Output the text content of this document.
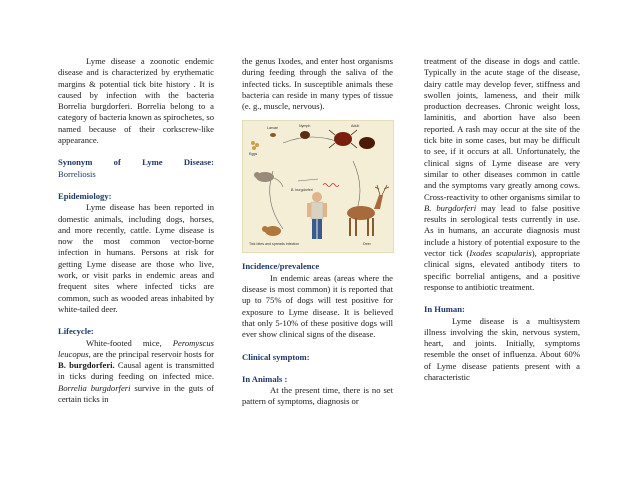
Lyme disease a zoonotic endemic disease and is characterized by erythematic margins & potential tick bite history . It is caused by infection with the bacteria Borrelia burgdorferi. Borrelia belong to a category of bacteria known as spirochetes, so named because of their corkscrew-like appearance.

Synonym of Lyme Disease:

Borreliosis

Epidemiology:

Lyme disease has been reported in domestic animals, including dogs, horses, and more recently, cattle. Lyme disease is now the most common vector-borne infection in humans. Persons at risk for getting Lyme disease are those who live, work, or visit parks in endemic areas and frequent sites where infected ticks are common, such as wooded areas inhabited by white-tailed deer.

Lifecycle:

White-footed mice, Peromyscus leucopus, are the principal reservoir hosts for B. burgdorferi. Causal agent is transmitted in ticks during feeding on infected mice. Borrelia burgdorferi survive in the guts of certain ticks in

the genus Ixodes, and enter host organisms during feeding through the saliva of the infected ticks. In susceptible animals these bacteria can reside in many types of tissue (e. g., muscle, nervous).

Eggs
Larvae	Nymph	Adult
B. burgdorferi
Tick bites and spreads infection	Deer

Incidence/prevalence

In endemic areas (areas where the disease is most common) it is reported that up to 75% of dogs will test positive for exposure to Lyme disease. It is believed that only 5-10% of these positive dogs will ever show clinical signs of the disease.

Clinical symptom:

In Animals :

At the present time, there is no set pattern of symptoms, diagnosis or

treatment of the disease in dogs and cattle. Typically in the acute stage of the disease, dairy cattle may develop fever, stiffness and swollen joints, lameness, and their milk production decreases. Chronic weight loss, laminitis, and abortion have also been reported. A rash may occur at the site of the tick bite in some cases, but may be difficult to see, if it occurs at all. Unfortunately, the clinical signs of Lyme disease are very similar to other diseases common in cattle and the symptoms vary greatly among cows. Cross-reactivity to other organisms similar to B. burgdorferi may lead to false positive results in serological tests currently in use. As in humans, an accurate diagnosis must include a history of potential exposure to the vector tick (Ixodes scapularis), appropriate clinical signs, elevated antibody titers to specific borrelial antigens, and a positive response to antibiotic treatment.

In Human:

Lyme disease is a multisystem illness involving the skin, nervous system, heart, and joints. Initially, symptoms resemble the onset of influenza. About 60% of Lyme disease patients present with a characteristic
